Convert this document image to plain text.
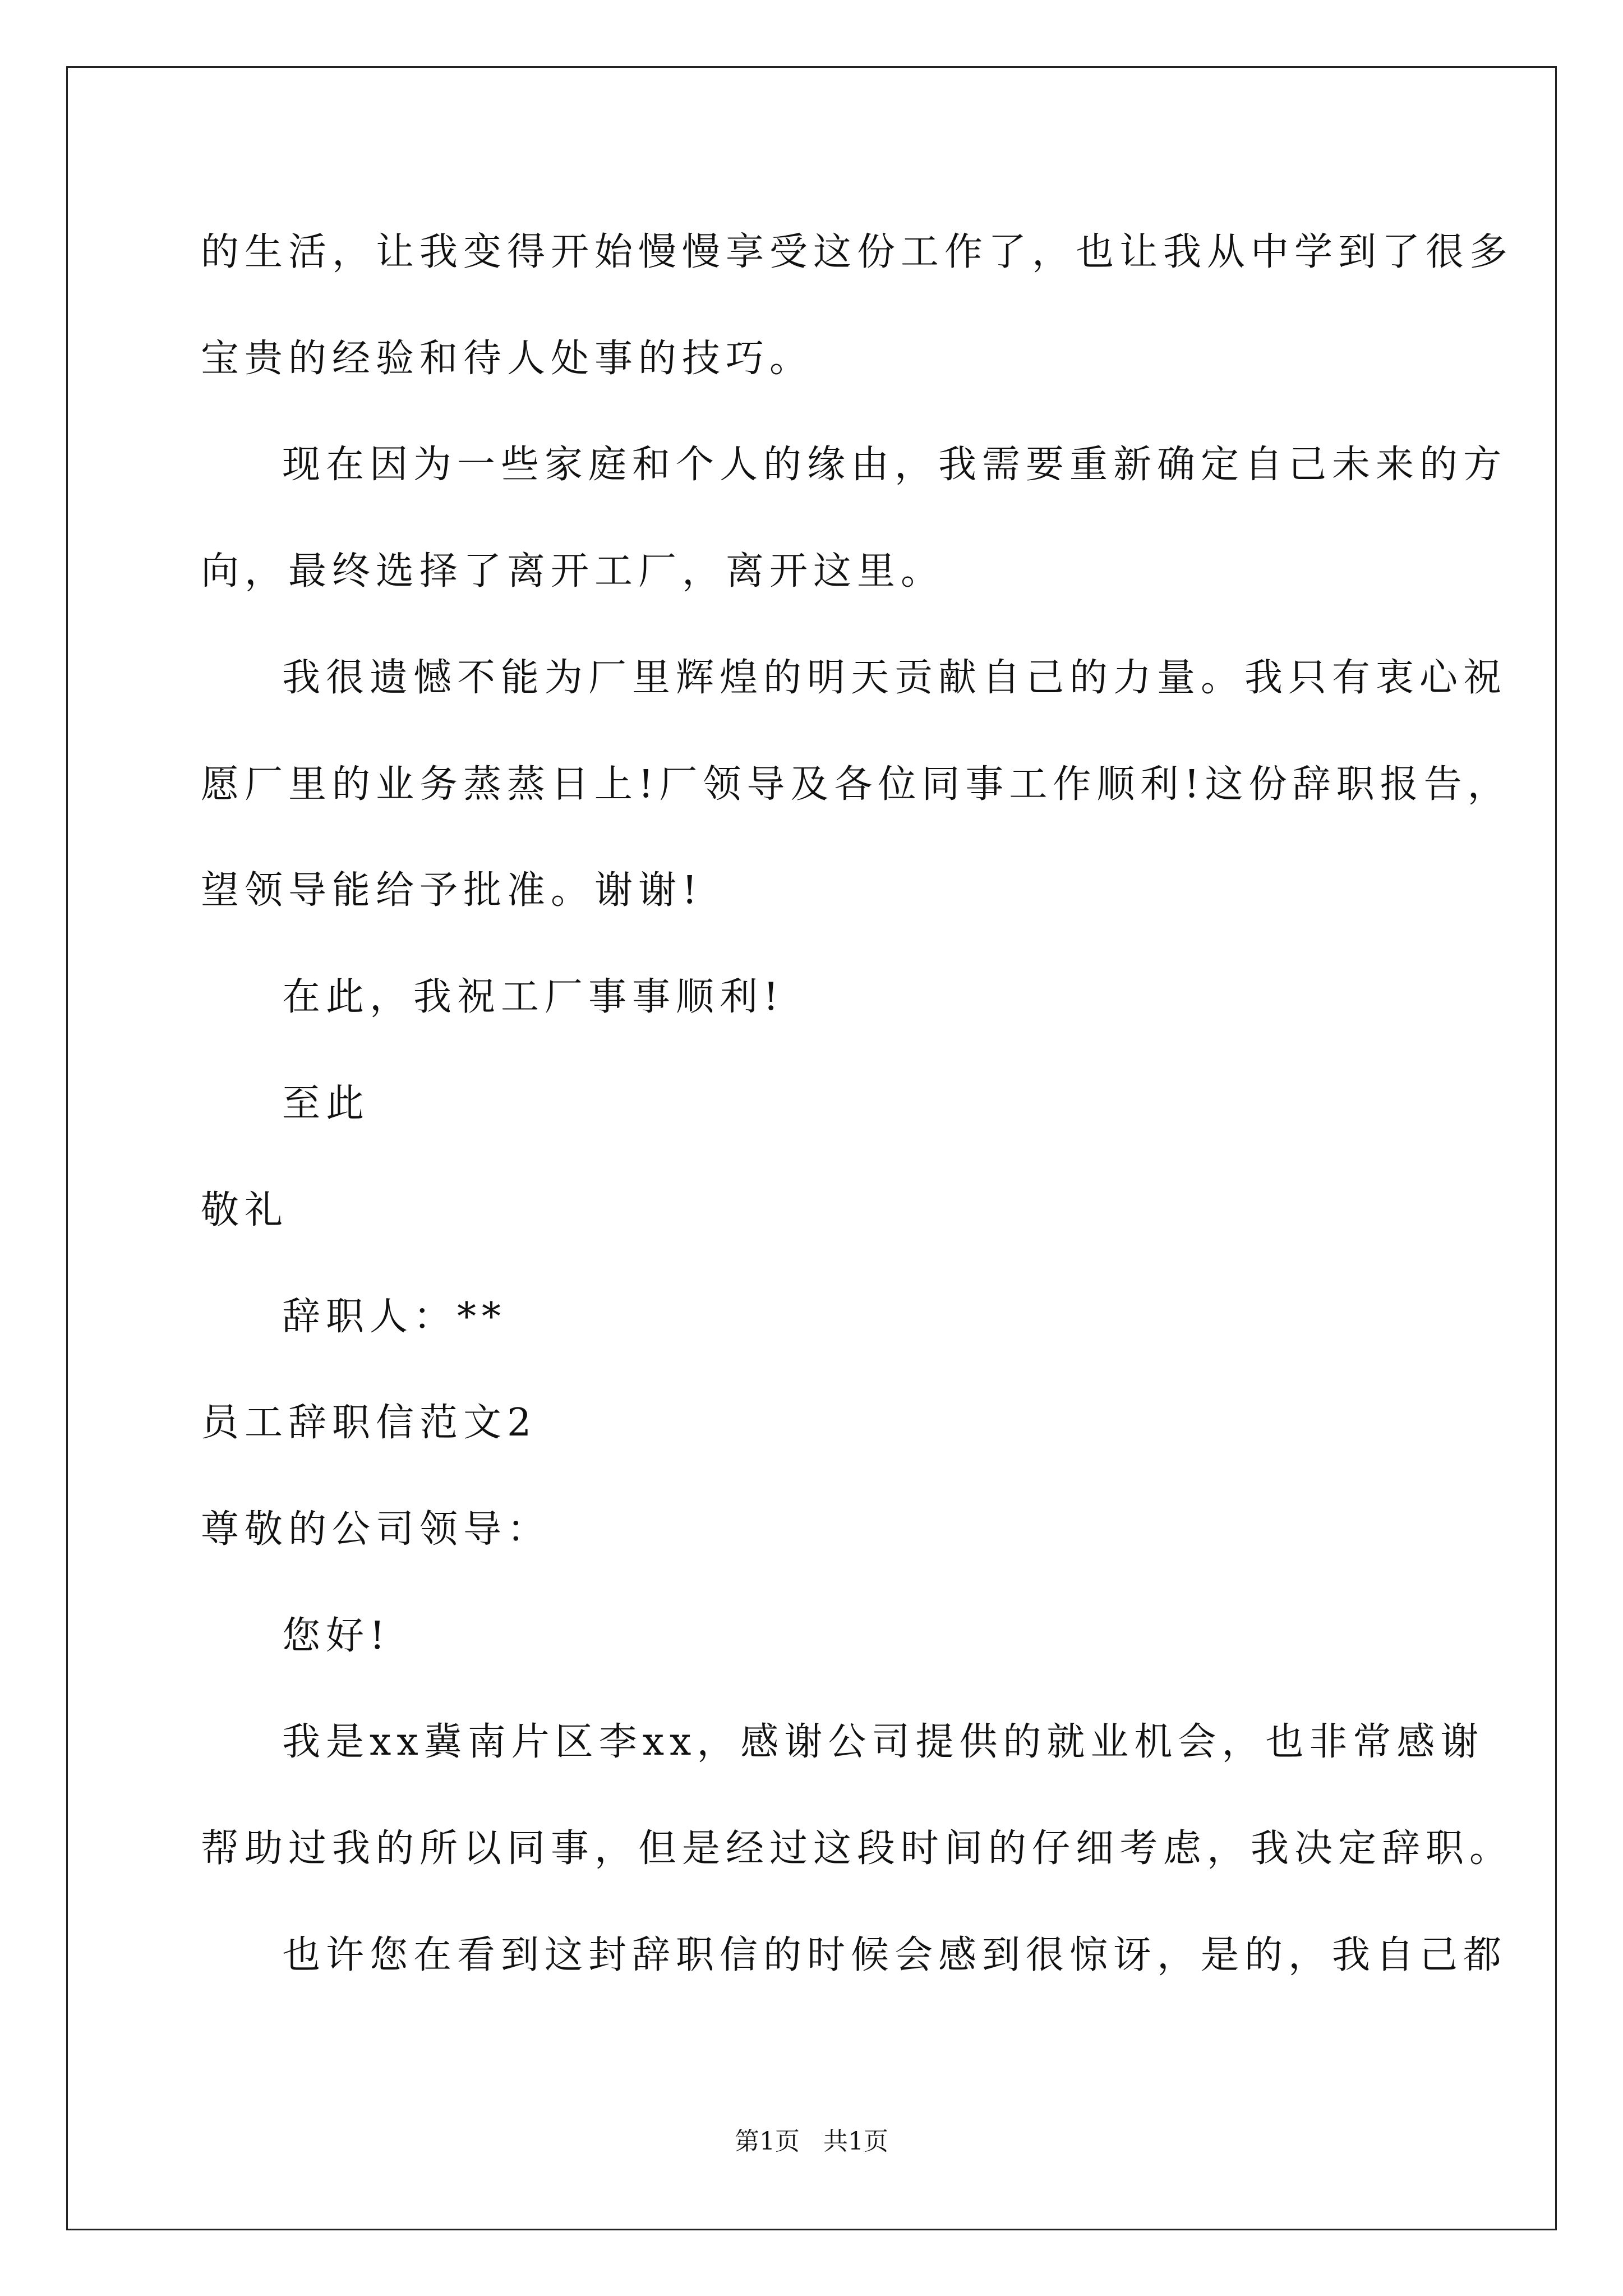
的生活，让我变得开始慢慢享受这份工作了，也让我从中学到了很多
宝贵的经验和待人处事的技巧。
现在因为一些家庭和个人的缘由，我需要重新确定自己未来的方
向，最终选择了离开工厂，离开这里。
我很遗憾不能为厂里辉煌的明天贡献自己的力量。我只有衷心祝
愿厂里的业务蒸蒸日上!厂领导及各位同事工作顺利!这份辞职报告，
望领导能给予批准。谢谢!
在此，我祝工厂事事顺利!
至此
敬礼
辞职人：**
员工辞职信范文2
尊敬的公司领导：
您好!
我是xx冀南片区李xx，感谢公司提供的就业机会，也非常感谢
帮助过我的所以同事，但是经过这段时间的仔细考虑，我决定辞职。
也许您在看到这封辞职信的时候会感到很惊讶，是的，我自己都
第1页   共1页
